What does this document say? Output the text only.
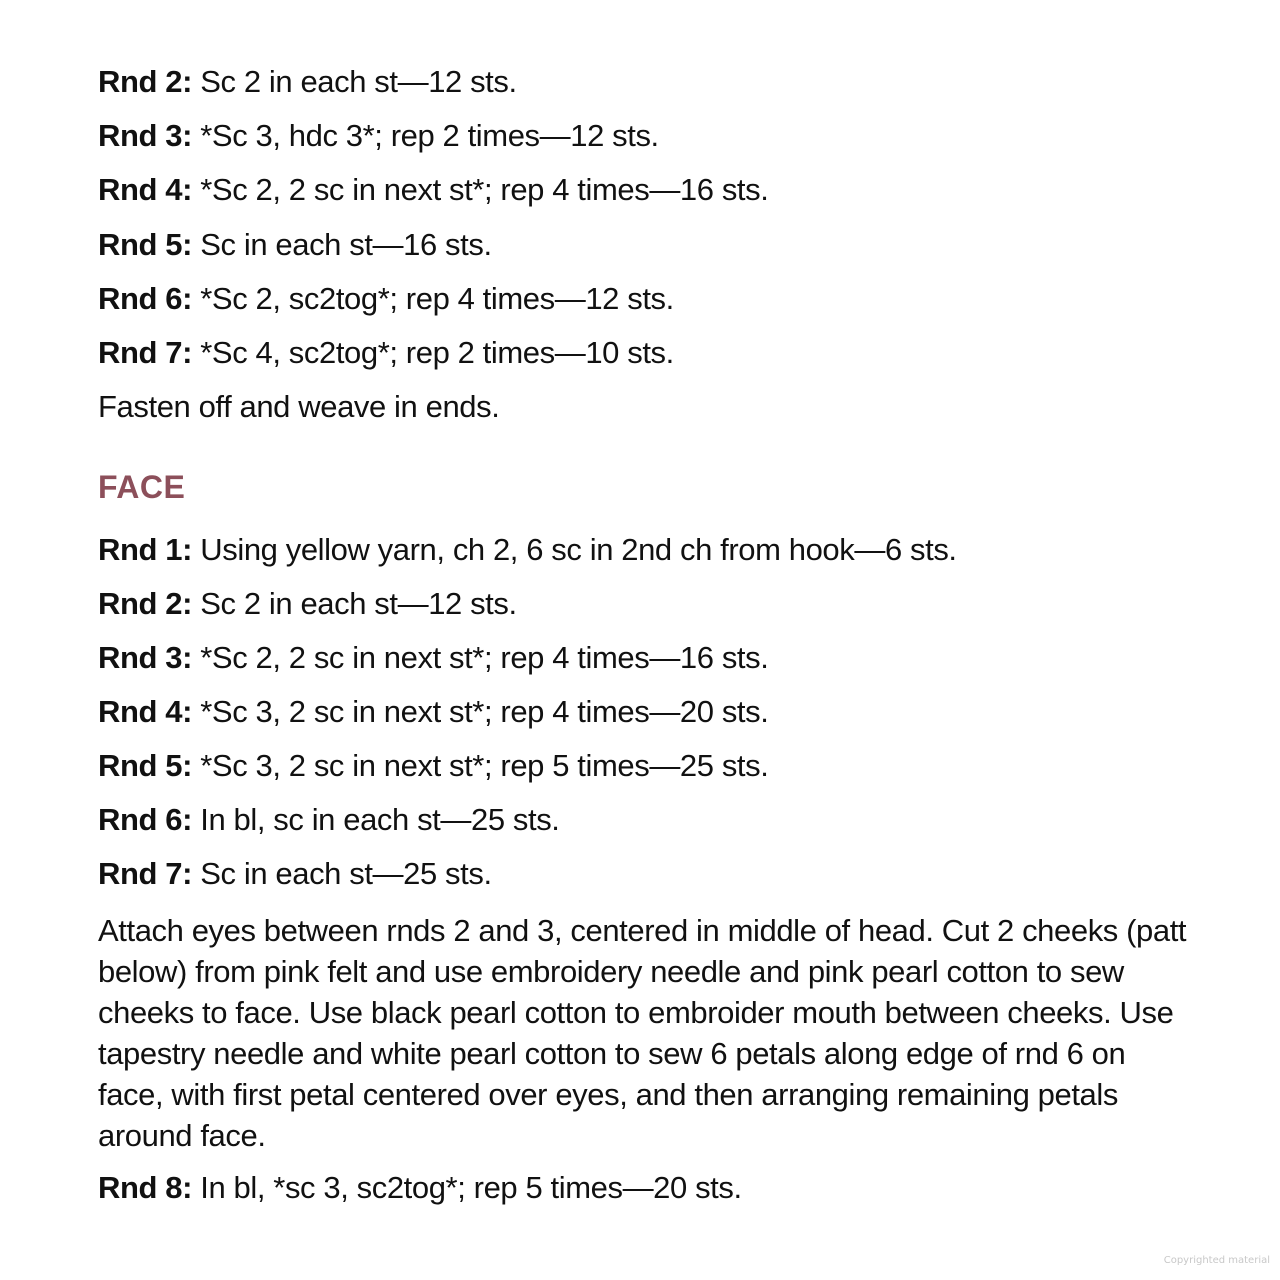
Rnd 2: Sc 2 in each st—12 sts.
Rnd 3: *Sc 3, hdc 3*; rep 2 times—12 sts.
Rnd 4: *Sc 2, 2 sc in next st*; rep 4 times—16 sts.
Rnd 5: Sc in each st—16 sts.
Rnd 6: *Sc 2, sc2tog*; rep 4 times—12 sts.
Rnd 7: *Sc 4, sc2tog*; rep 2 times—10 sts.
Fasten off and weave in ends.
FACE
Rnd 1: Using yellow yarn, ch 2, 6 sc in 2nd ch from hook—6 sts.
Rnd 2: Sc 2 in each st—12 sts.
Rnd 3: *Sc 2, 2 sc in next st*; rep 4 times—16 sts.
Rnd 4: *Sc 3, 2 sc in next st*; rep 4 times—20 sts.
Rnd 5: *Sc 3, 2 sc in next st*; rep 5 times—25 sts.
Rnd 6: In bl, sc in each st—25 sts.
Rnd 7: Sc in each st—25 sts.
Attach eyes between rnds 2 and 3, centered in middle of head. Cut 2 cheeks (patt below) from pink felt and use embroidery needle and pink pearl cotton to sew cheeks to face. Use black pearl cotton to embroider mouth between cheeks. Use tapestry needle and white pearl cotton to sew 6 petals along edge of rnd 6 on face, with first petal centered over eyes, and then arranging remaining petals around face.
Rnd 8: In bl, *sc 3, sc2tog*; rep 5 times—20 sts.
Copyrighted material
